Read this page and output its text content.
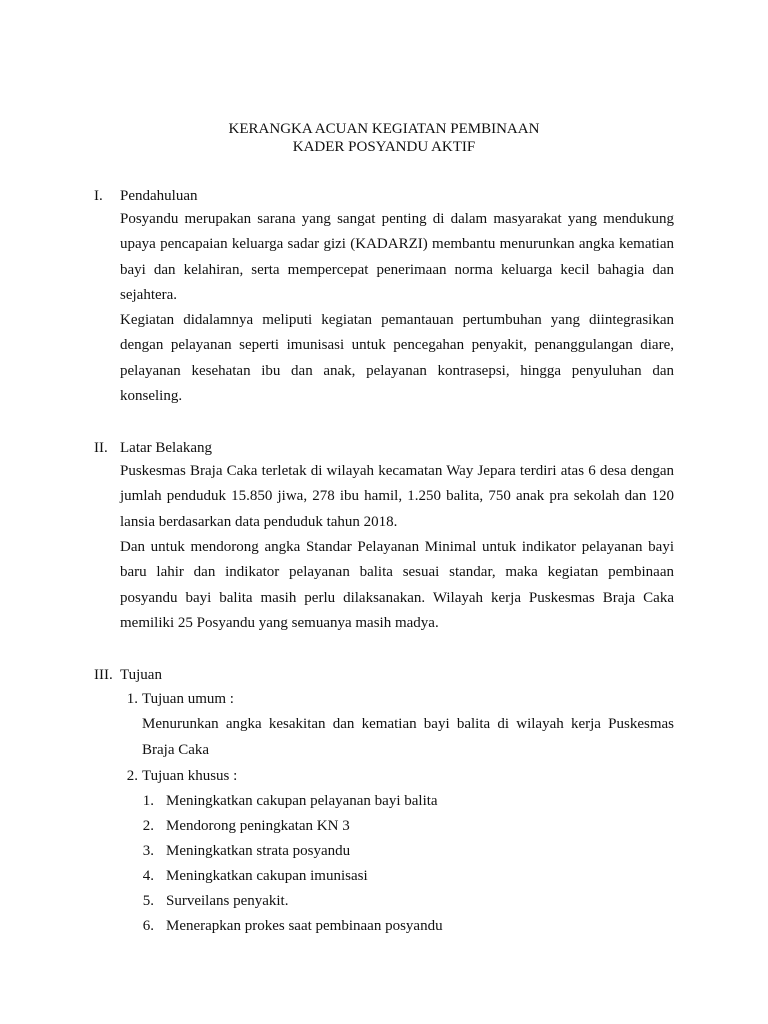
KERANGKA ACUAN KEGIATAN PEMBINAAN
KADER POSYANDU AKTIF
I. Pendahuluan

Posyandu merupakan sarana yang sangat penting di dalam masyarakat yang mendukung upaya pencapaian keluarga sadar gizi (KADARZI) membantu menurunkan angka kematian bayi dan kelahiran, serta mempercepat penerimaan norma keluarga kecil bahagia dan sejahtera.

Kegiatan didalamnya meliputi kegiatan pemantauan pertumbuhan yang diintegrasikan dengan pelayanan seperti imunisasi untuk pencegahan penyakit, penanggulangan diare, pelayanan kesehatan ibu dan anak, pelayanan kontrasepsi, hingga penyuluhan dan konseling.

II. Latar Belakang

Puskesmas Braja Caka terletak di wilayah kecamatan Way Jepara terdiri atas 6 desa dengan jumlah penduduk 15.850 jiwa, 278 ibu hamil, 1.250 balita, 750 anak pra sekolah dan 120 lansia berdasarkan data penduduk tahun 2018.

Dan untuk mendorong angka Standar Pelayanan Minimal untuk indikator pelayanan bayi baru lahir dan indikator pelayanan balita sesuai standar, maka kegiatan pembinaan posyandu bayi balita masih perlu dilaksanakan. Wilayah kerja Puskesmas Braja Caka memiliki 25 Posyandu yang semuanya masih madya.

III. Tujuan
1. Tujuan umum :

Menurunkan angka kesakitan dan kematian bayi balita di wilayah kerja Puskesmas Braja Caka

2. Tujuan khusus :
1. Meningkatkan cakupan pelayanan bayi balita
2. Mendorong peningkatan KN 3
3. Meningkatkan strata posyandu
4. Meningkatkan cakupan imunisasi
5. Surveilans penyakit.
6. Menerapkan prokes saat pembinaan posyandu
